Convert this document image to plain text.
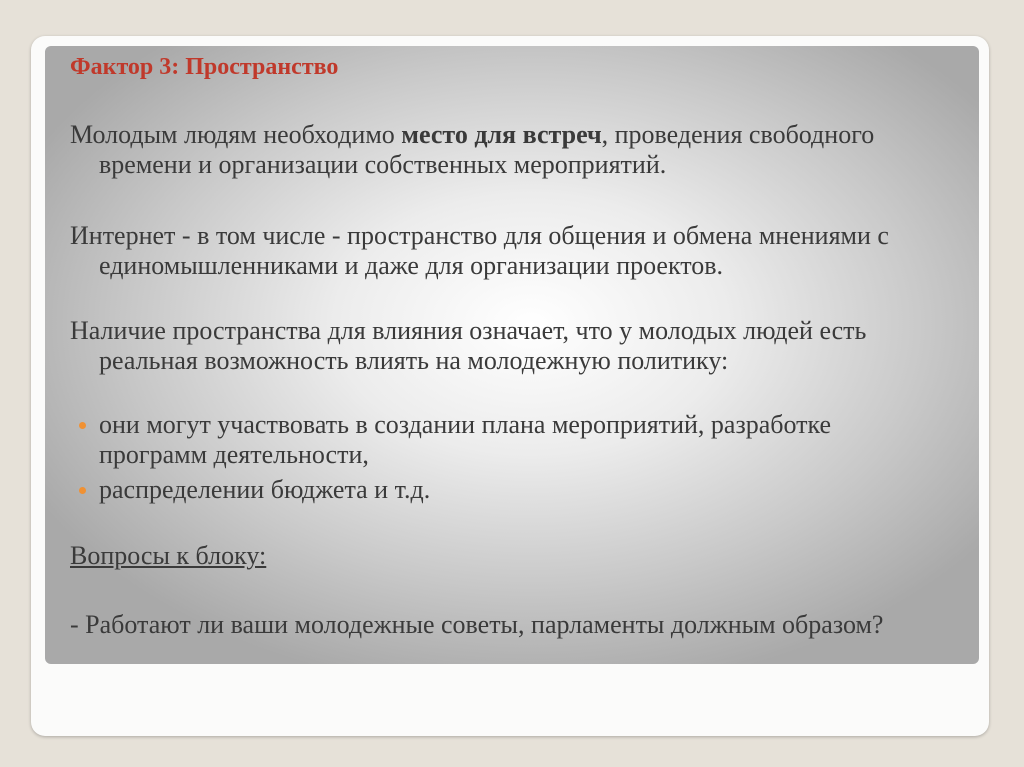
Фактор 3: Пространство

Молодым людям необходимо место для встреч, проведения свободного времени и организации собственных мероприятий.

Интернет - в том числе - пространство для общения и обмена мнениями с единомышленниками и даже для организации проектов.

Наличие пространства для влияния означает, что у молодых людей есть реальная возможность влиять на молодежную политику:

они могут участвовать в создании плана мероприятий, разработке программ деятельности,
распределении бюджета и т.д.
Вопросы к блоку:
- Работают ли ваши молодежные советы, парламенты должным образом?
